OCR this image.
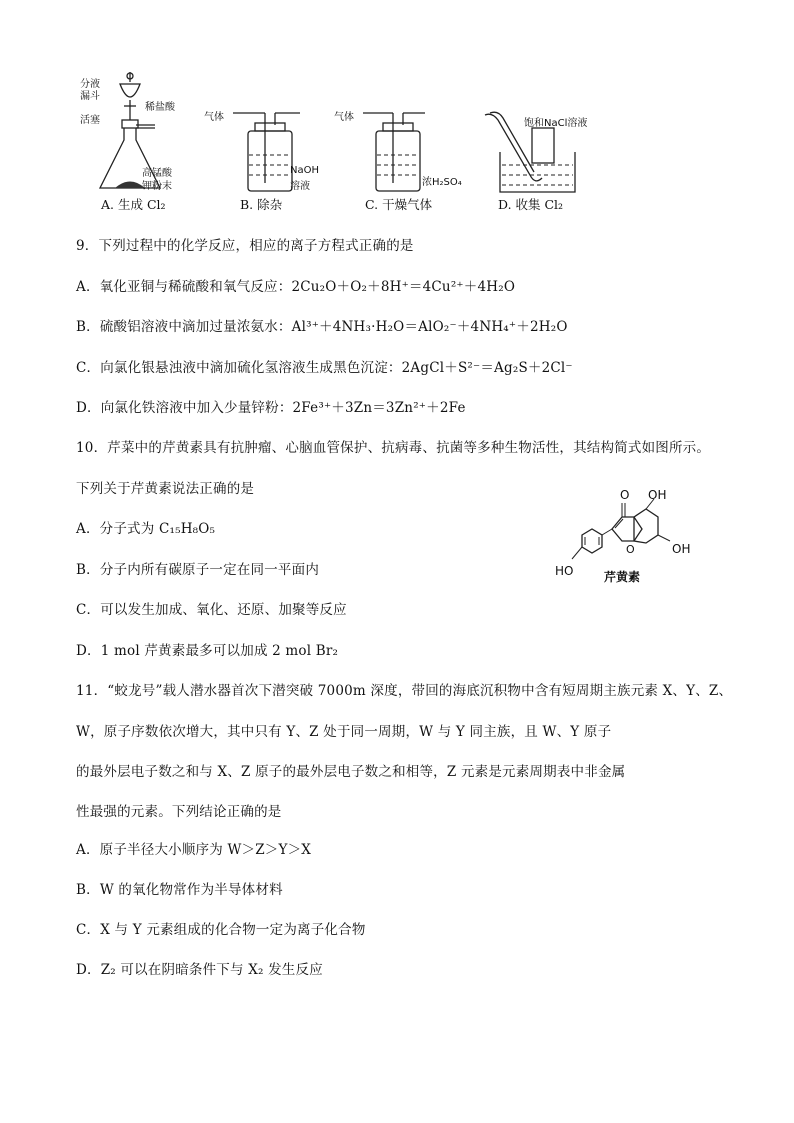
分液
漏斗
稀盐酸
活塞
高锰酸
钾粉末
A. 生成 Cl₂
气体
NaOH
溶液
B. 除杂
气体
浓H₂SO₄
C. 干燥气体
饱和NaCl溶液
D. 收集 Cl₂
9．下列过程中的化学反应，相应的离子方程式正确的是
A．氧化亚铜与稀硫酸和氧气反应：2Cu₂O＋O₂＋8H⁺＝4Cu²⁺＋4H₂O
B．硫酸铝溶液中滴加过量浓氨水：Al³⁺＋4NH₃·H₂O＝AlO₂⁻＋4NH₄⁺＋2H₂O
C．向氯化银悬浊液中滴加硫化氢溶液生成黑色沉淀：2AgCl＋S²⁻＝Ag₂S＋2Cl⁻
D．向氯化铁溶液中加入少量锌粉：2Fe³⁺＋3Zn＝3Zn²⁺＋2Fe
10．芹菜中的芹黄素具有抗肿瘤、心脑血管保护、抗病毒、抗菌等多种生物活性，其结构简式如图所示。
下列关于芹黄素说法正确的是
A．分子式为 C₁₅H₈O₅
B．分子内所有碳原子一定在同一平面内
C．可以发生加成、氧化、还原、加聚等反应
D．1 mol 芹黄素最多可以加成 2 mol Br₂
O OH
O	OH
HO	芹黄素
11．“蛟龙号”载人潜水器首次下潜突破 7000m 深度，带回的海底沉积物中含有短周期主族元素 X、Y、Z、
W，原子序数依次增大，其中只有 Y、Z 处于同一周期，W 与 Y 同主族，且 W、Y 原子
的最外层电子数之和与 X、Z 原子的最外层电子数之和相等，Z 元素是元素周期表中非金属
性最强的元素。下列结论正确的是
A．原子半径大小顺序为 W＞Z＞Y＞X
B．W 的氧化物常作为半导体材料
C．X 与 Y 元素组成的化合物一定为离子化合物
D．Z₂ 可以在阴暗条件下与 X₂ 发生反应
